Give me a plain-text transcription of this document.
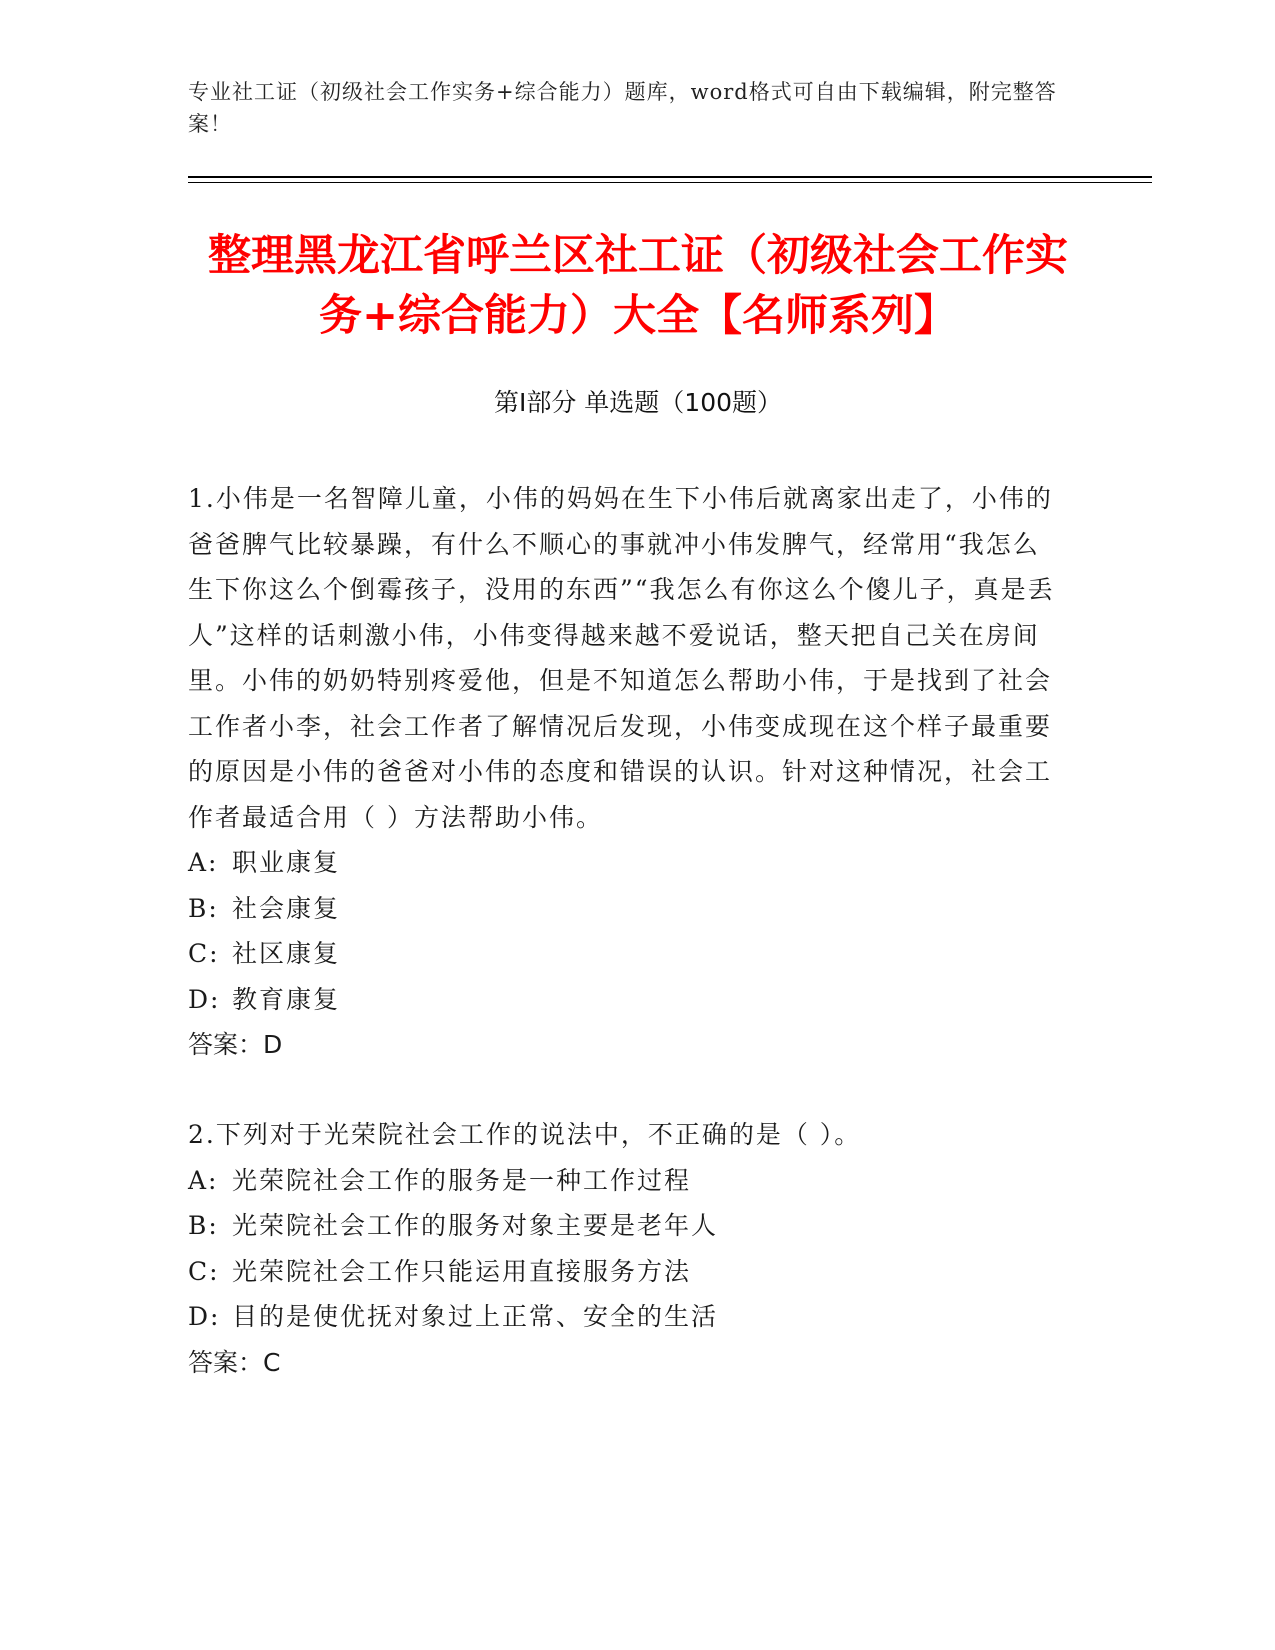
专业社工证（初级社会工作实务+综合能力）题库，word格式可自由下载编辑，附完整答案！
整理黑龙江省呼兰区社工证（初级社会工作实务+综合能力）大全【名师系列】
第Ⅰ部分 单选题（100题）

1.小伟是一名智障儿童，小伟的妈妈在生下小伟后就离家出走了，小伟的爸爸脾气比较暴躁，有什么不顺心的事就冲小伟发脾气，经常用“我怎么生下你这么个倒霉孩子，没用的东西”“我怎么有你这么个傻儿子，真是丢人”这样的话刺激小伟，小伟变得越来越不爱说话，整天把自己关在房间里。小伟的奶奶特别疼爱他，但是不知道怎么帮助小伟，于是找到了社会工作者小李，社会工作者了解情况后发现，小伟变成现在这个样子最重要的原因是小伟的爸爸对小伟的态度和错误的认识。针对这种情况，社会工作者最适合用（ ）方法帮助小伟。

A: 职业康复

B: 社会康复

C: 社区康复

D: 教育康复

答案：D

2.下列对于光荣院社会工作的说法中，不正确的是（ ）。

A: 光荣院社会工作的服务是一种工作过程

B: 光荣院社会工作的服务对象主要是老年人

C: 光荣院社会工作只能运用直接服务方法

D: 目的是使优抚对象过上正常、安全的生活

答案：C
